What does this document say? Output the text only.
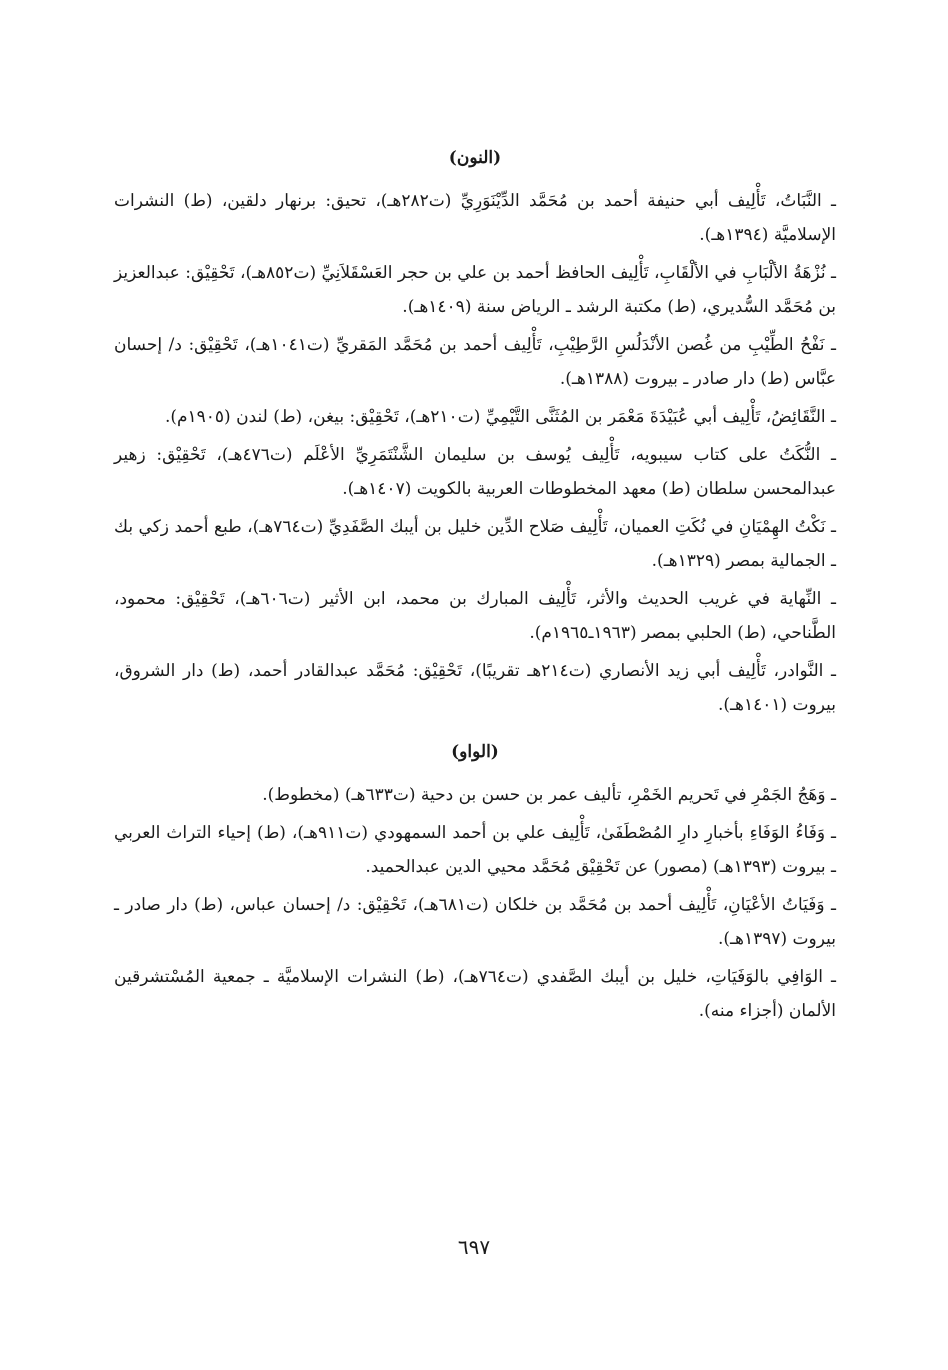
(النون)

ـ النَّبَاتُ، تَأْلِيف أبي حنيفة أحمد بن مُحَمَّد الدِّيْنَوَرِيِّ (ت٢٨٢هـ)، تحيق: برنهار دلقين، (ط) النشرات الإسلاميَّة (١٣٩٤هـ).

ـ نُزْهَةُ الألْبَابِ في الألْقَابِ، تَأْلِيف الحافظ أحمد بن علي بن حجر العَسْقَلاَنِيِّ (ت٨٥٢هـ)، تَحْقِيْق: عبدالعزيز بن مُحَمَّد السُّديري، (ط) مكتبة الرشد ـ الرياض سنة (١٤٠٩هـ).

ـ نَفْحُ الطِّيْبِ من غُصن الأنْدَلُسِ الرَّطِيْبِ، تَأْلِيف أحمد بن مُحَمَّد المَقريِّ (ت١٠٤١هـ)، تَحْقِيْق: د/ إحسان عبَّاس (ط) دار صادر ـ بيروت (١٣٨٨هـ).

ـ النَّقَائِضُ، تَأْلِيف أبي عُبَيْدَةَ مَعْمَر بن المُثَنَّى التَّيْمِيِّ (ت٢١٠هـ)، تَحْقِيْق: بيغن، (ط) لندن (١٩٠٥م).

ـ النُّكَتُ على كتاب سيبويه، تَأْلِيف يُوسف بن سليمان الشَّنْتَمَرِيِّ الأعْلَم (ت٤٧٦هـ)، تَحْقِيْق: زهير عبدالمحسن سلطان (ط) معهد المخطوطات العربية بالكويت (١٤٠٧هـ).

ـ نَكْتُ الهِمْيَانِ في نُكَتِ العميان، تَأْلِيف صَلاح الدِّين خليل بن أيبك الصَّفَدِيِّ (ت٧٦٤هـ)، طبع أحمد زكي بك ـ الجمالية بمصر (١٣٢٩هـ).

ـ النِّهاية في غريب الحديث والأثر، تَأْلِيف المبارك بن محمد، ابن الأثير (ت٦٠٦هـ)، تَحْقِيْق: محمود، الطَّناحي، (ط) الحلبي بمصر (١٩٦٣ـ١٩٦٥م).

ـ النَّوادر، تَأْلِيف أبي زيد الأنصاري (ت٢١٤هـ تقريبًا)، تَحْقِيْق: مُحَمَّد عبدالقادر أحمد، (ط) دار الشروق، بيروت (١٤٠١هـ).

(الواو)

ـ وَهَجُ الجَمْرِ في تَحريم الخَمْرِ، تأليف عمر بن حسن بن دحية (ت٦٣٣هـ) (مخطوط).

ـ وَفَاءُ الوَفَاءِ بأخبارِ دارِ المُصْطَفَىٰ، تَأْلِيف علي بن أحمد السمهودي (ت٩١١هـ)، (ط) إحياء التراث العربي ـ بيروت (١٣٩٣هـ) (مصور) عن تَحْقِيْق مُحَمَّد محيي الدين عبدالحميد.

ـ وَفَيَاتُ الأعْيَانِ، تَأْلِيف أحمد بن مُحَمَّد بن خلكان (ت٦٨١هـ)، تَحْقِيْق: د/ إحسان عباس، (ط) دار صادر ـ بيروت (١٣٩٧هـ).

ـ الوَافِي بالوَفَيَاتِ، خليل بن أيبك الصَّفدي (ت٧٦٤هـ)، (ط) النشرات الإسلاميَّة ـ جمعية المُسْتشرقين الألمان (أجزاء منه).

٦٩٧
